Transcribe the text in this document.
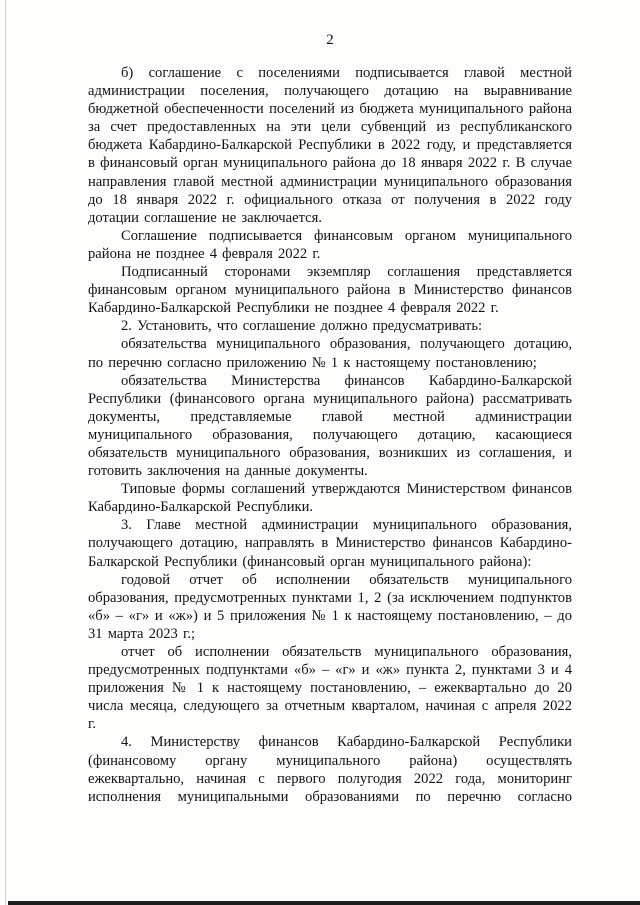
2

б) соглашение с поселениями подписывается главой местной администрации поселения, получающего дотацию на выравнивание бюджетной обеспеченности поселений из бюджета муниципального района за счет предоставленных на эти цели субвенций из республиканского бюджета Кабардино-Балкарской Республики в 2022 году, и представляется в финансовый орган муниципального района до 18 января 2022 г. В случае направления главой местной администрации муниципального образования до 18 января 2022 г. официального отказа от получения в 2022 году дотации соглашение не заключается.

Соглашение подписывается финансовым органом муниципального района не позднее 4 февраля 2022 г.

Подписанный сторонами экземпляр соглашения представляется финансовым органом муниципального района в Министерство финансов Кабардино-Балкарской Республики не позднее 4 февраля 2022 г.

2. Установить, что соглашение должно предусматривать:

обязательства муниципального образования, получающего дотацию, по перечню согласно приложению № 1 к настоящему постановлению;

обязательства Министерства финансов Кабардино-Балкарской Республики (финансового органа муниципального района) рассматривать документы, представляемые главой местной администрации муниципального образования, получающего дотацию, касающиеся обязательств муниципального образования, возникших из соглашения, и готовить заключения на данные документы.

Типовые формы соглашений утверждаются Министерством финансов Кабардино-Балкарской Республики.

3. Главе местной администрации муниципального образования, получающего дотацию, направлять в Министерство финансов Кабардино-Балкарской Республики (финансовый орган муниципального района):

годовой отчет об исполнении обязательств муниципального образования, предусмотренных пунктами 1, 2 (за исключением подпунктов «б» – «г» и «ж») и 5 приложения № 1 к настоящему постановлению, – до 31 марта 2023 г.;

отчет об исполнении обязательств муниципального образования, предусмотренных подпунктами «б» – «г» и «ж» пункта 2, пунктами 3 и 4 приложения № 1 к настоящему постановлению, – ежеквартально до 20 числа месяца, следующего за отчетным кварталом, начиная с апреля 2022 г.

4. Министерству финансов Кабардино-Балкарской Республики (финансовому органу муниципального района) осуществлять ежеквартально, начиная с первого полугодия 2022 года, мониторинг исполнения муниципальными образованиями по перечню согласно
